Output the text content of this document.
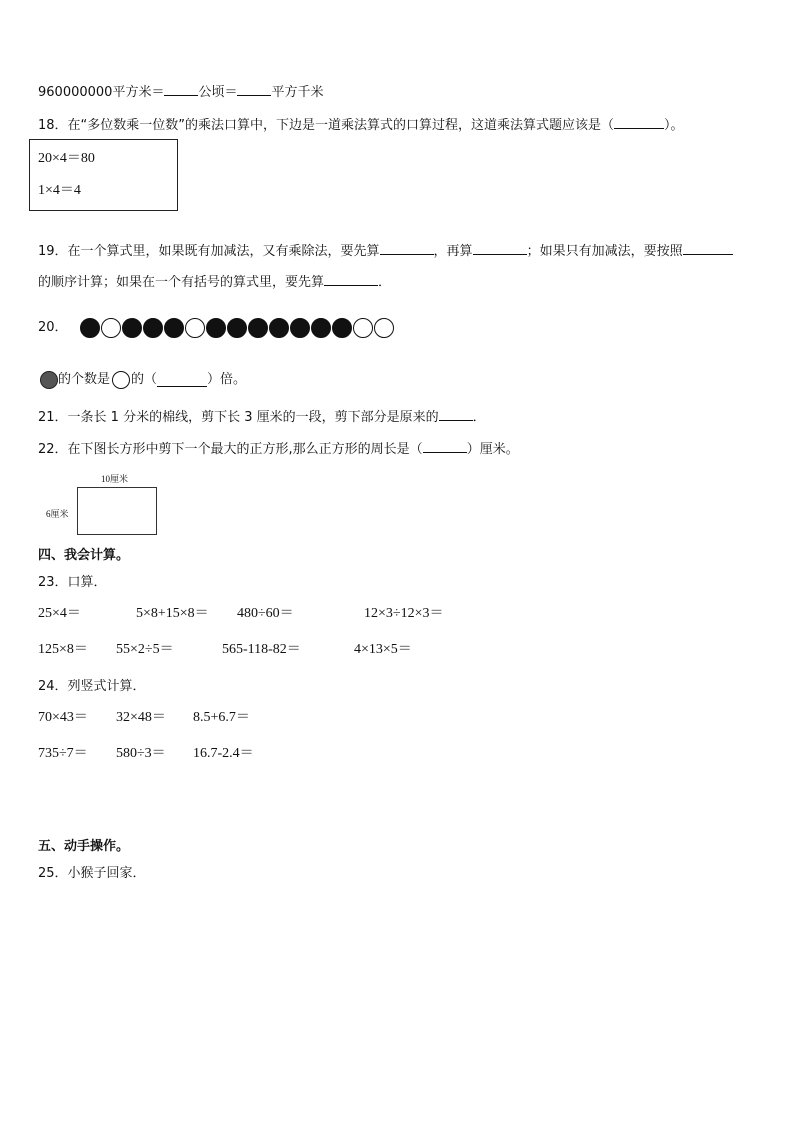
960000000平方米＝	公顷＝	平方千米
18．在“多位数乘一位数”的乘法口算中，下边是一道乘法算式的口算过程，这道乘法算式题应该是（	）。
20×4＝80
1×4＝4
19．在一个算式里，如果既有加减法，又有乘除法，要先算	，再算	；如果只有加减法，要按照
的顺序计算；如果在一个有括号的算式里，要先算	．
20．
的个数是 的（	）倍。
21．一条长 1 分米的棉线，剪下长 3 厘米的一段，剪下部分是原来的	．
22．在下图长方形中剪下一个最大的正方形,那么正方形的周长是（	）厘米。
10厘米
6厘米
四、我会计算。
23．口算．
25×4＝	5×8+15×8＝ 480÷60＝	12×3÷12×3＝
125×8＝ 55×2÷5＝	565-118-82＝	4×13×5＝
24．列竖式计算．
70×43＝ 32×48＝ 8.5+6.7＝
735÷7＝ 580÷3＝ 16.7-2.4＝
五、动手操作。
25．小猴子回家．
